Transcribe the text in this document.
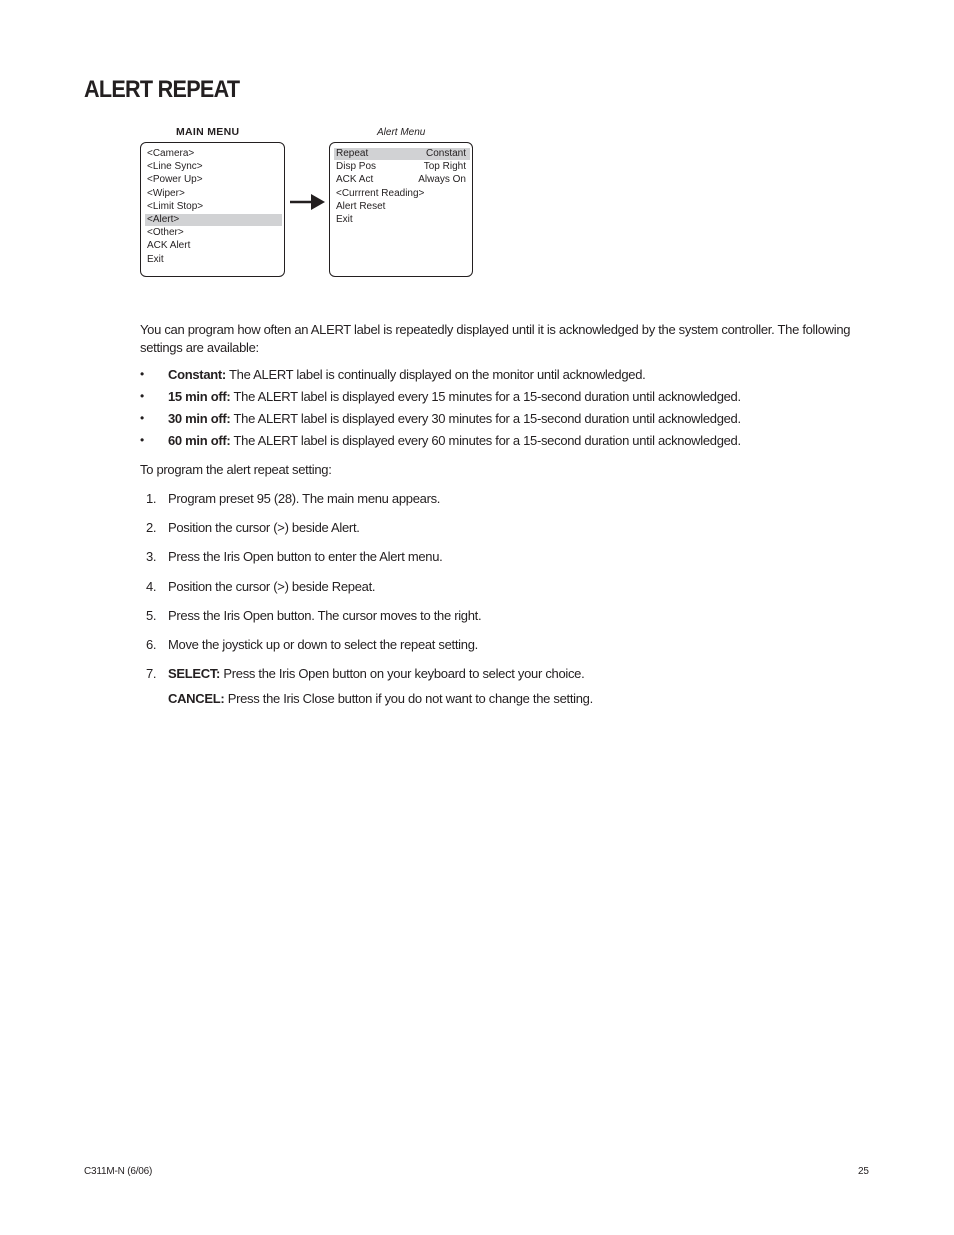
ALERT REPEAT
MAIN MENU
<Camera>
<Line Sync>
<Power Up>
<Wiper>
<Limit Stop>
<Alert>
<Other>
ACK Alert
Exit
Alert Menu
Repeat	Constant
Disp Pos	Top Right
ACK Act	Always On
<Currrent Reading>
Alert Reset
Exit
You can program how often an ALERT label is repeatedly displayed until it is acknowledged by the system controller. The following settings are available:
• Constant: The ALERT label is continually displayed on the monitor until acknowledged.
• 15 min off: The ALERT label is displayed every 15 minutes for a 15-second duration until acknowledged.
• 30 min off: The ALERT label is displayed every 30 minutes for a 15-second duration until acknowledged.
• 60 min off: The ALERT label is displayed every 60 minutes for a 15-second duration until acknowledged.
To program the alert repeat setting:
1. Program preset 95 (28). The main menu appears.
2. Position the cursor (>) beside Alert.
3. Press the Iris Open button to enter the Alert menu.
4. Position the cursor (>) beside Repeat.
5. Press the Iris Open button. The cursor moves to the right.
6. Move the joystick up or down to select the repeat setting.
7. SELECT: Press the Iris Open button on your keyboard to select your choice.
CANCEL: Press the Iris Close button if you do not want to change the setting.
C311M-N (6/06)	25
